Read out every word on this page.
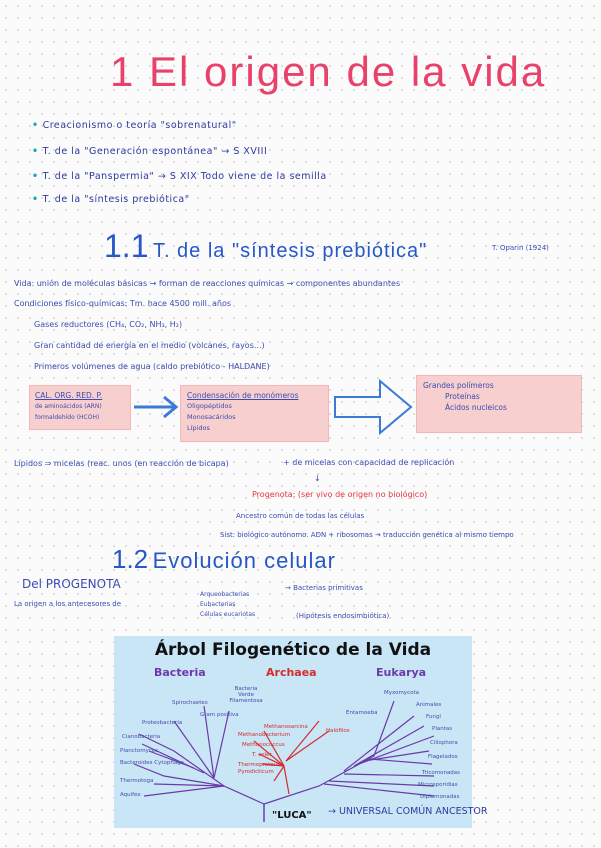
1 El origen de la vida
• Creacionismo o teoría "sobrenatural"
• T. de la "Generación espontánea" → S XVIII
• T. de la "Panspermia" → S XIX Todo viene de la semilla
• T. de la "síntesis prebiótica"
1.1 T. de la "síntesis prebiótica"	T. Oparin (1924)
Vida: unión de moléculas básicas → forman de reacciones químicas → componentes abundantes
Condiciones físico-químicas: Tm. hace 4500 mill. años
Gases reductores (CH₄, CO₂, NH₃, H₂)
Gran cantidad de energía en el medio (volcanes, rayos...)
Primeros volúmenes de agua (caldo prebiótico - HALDANE)
CAL. ORG. RED. P.
de aminoácidos (ARN)
formaldehído (HCOH)
Condensación de monómeros
Oligopéptidos
Monosacáridos
Lípidos
Grandes polímeros
Proteínas
Ácidos nucleicos
Lípidos ⇒ micelas (reac. unos (en reacción de bicapa)	+ de micelas con capacidad de replicación
↓
Progenota: (ser vivo de origen no biológico)
Ancestro común de todas las células
Sist. biológico autónomo. ADN + ribosomas → traducción genética al mismo tiempo
1.2 Evolución celular
Del PROGENOTA
La origen a los antecesores de
Arqueobacterias
Eubacterias
Células eucariotas
→ Bacterias primitivas
(Hipótesis endosimbiótica)
Árbol Filogenético de la Vida
Bacteria	Archaea	Eukarya
Spirochaetes
Bacteria Verde Filamentosa
Gram positiva
Proteobacteria
Cianobacteria
Planctomyces
Bacteroides Cytophaga
Thermotoga
Aquifex
Methanosarcina
Methanobacterium
Methanococcus
T. celer
Thermoproteus
Pyrodicticum
Halófilos
Entamoeba
Myxomycota
Animales
Fungi
Plantas
Ciliophora
Flagelados
Tricomonadas
Microsporidias
Diplomonadas
"LUCA" → UNIVERSAL COMÚN ANCESTOR
